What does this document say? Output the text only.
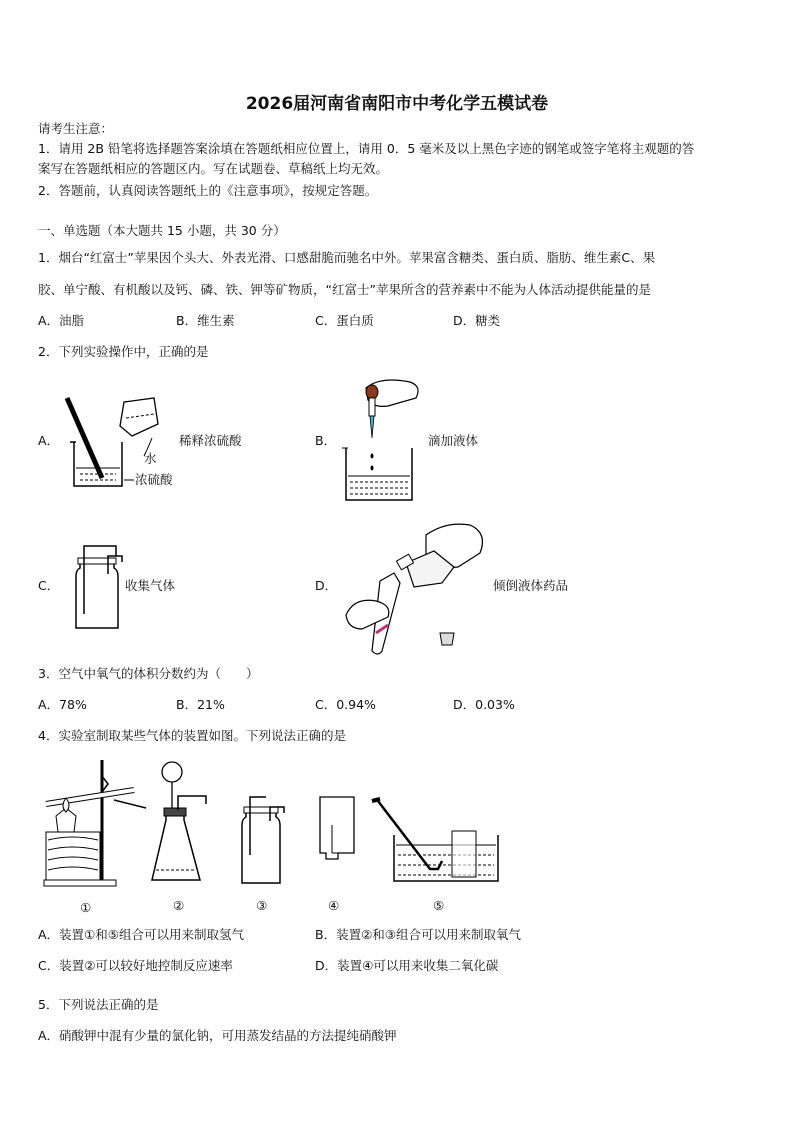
2026届河南省南阳市中考化学五模试卷
请考生注意：
1．请用 2B 铅笔将选择题答案涂填在答题纸相应位置上，请用 0．5 毫米及以上黑色字迹的钢笔或签字笔将主观题的答
案写在答题纸相应的答题区内。写在试题卷、草稿纸上均无效。
2．答题前，认真阅读答题纸上的《注意事项》，按规定答题。
一、单选题（本大题共 15 小题，共 30 分）
1．烟台“红富士”苹果因个头大、外表光滑、口感甜脆而驰名中外。苹果富含糖类、蛋白质、脂肪、维生素C、果
胶、单宁酸、有机酸以及钙、磷、铁、钾等矿物质，“红富士”苹果所含的营养素中不能为人体活动提供能量的是
A．油脂	B．维生素	C．蛋白质	D．糖类
2．下列实验操作中，正确的是
A．
水
浓硫酸
稀释浓硫酸	B．	滴加液体
C．	收集气体	D．	倾倒液体药品
3．空气中氧气的体积分数约为（　　）
A．78%	B．21%	C．0.94%	D．0.03%
4．实验室制取某些气体的装置如图。下列说法正确的是
①	②	③	④	⑤
A．装置①和⑤组合可以用来制取氢气	B．装置②和③组合可以用来制取氧气
C．装置②可以较好地控制反应速率	D．装置④可以用来收集二氧化碳
5．下列说法正确的是
A．硝酸钾中混有少量的氯化钠，可用蒸发结晶的方法提纯硝酸钾
